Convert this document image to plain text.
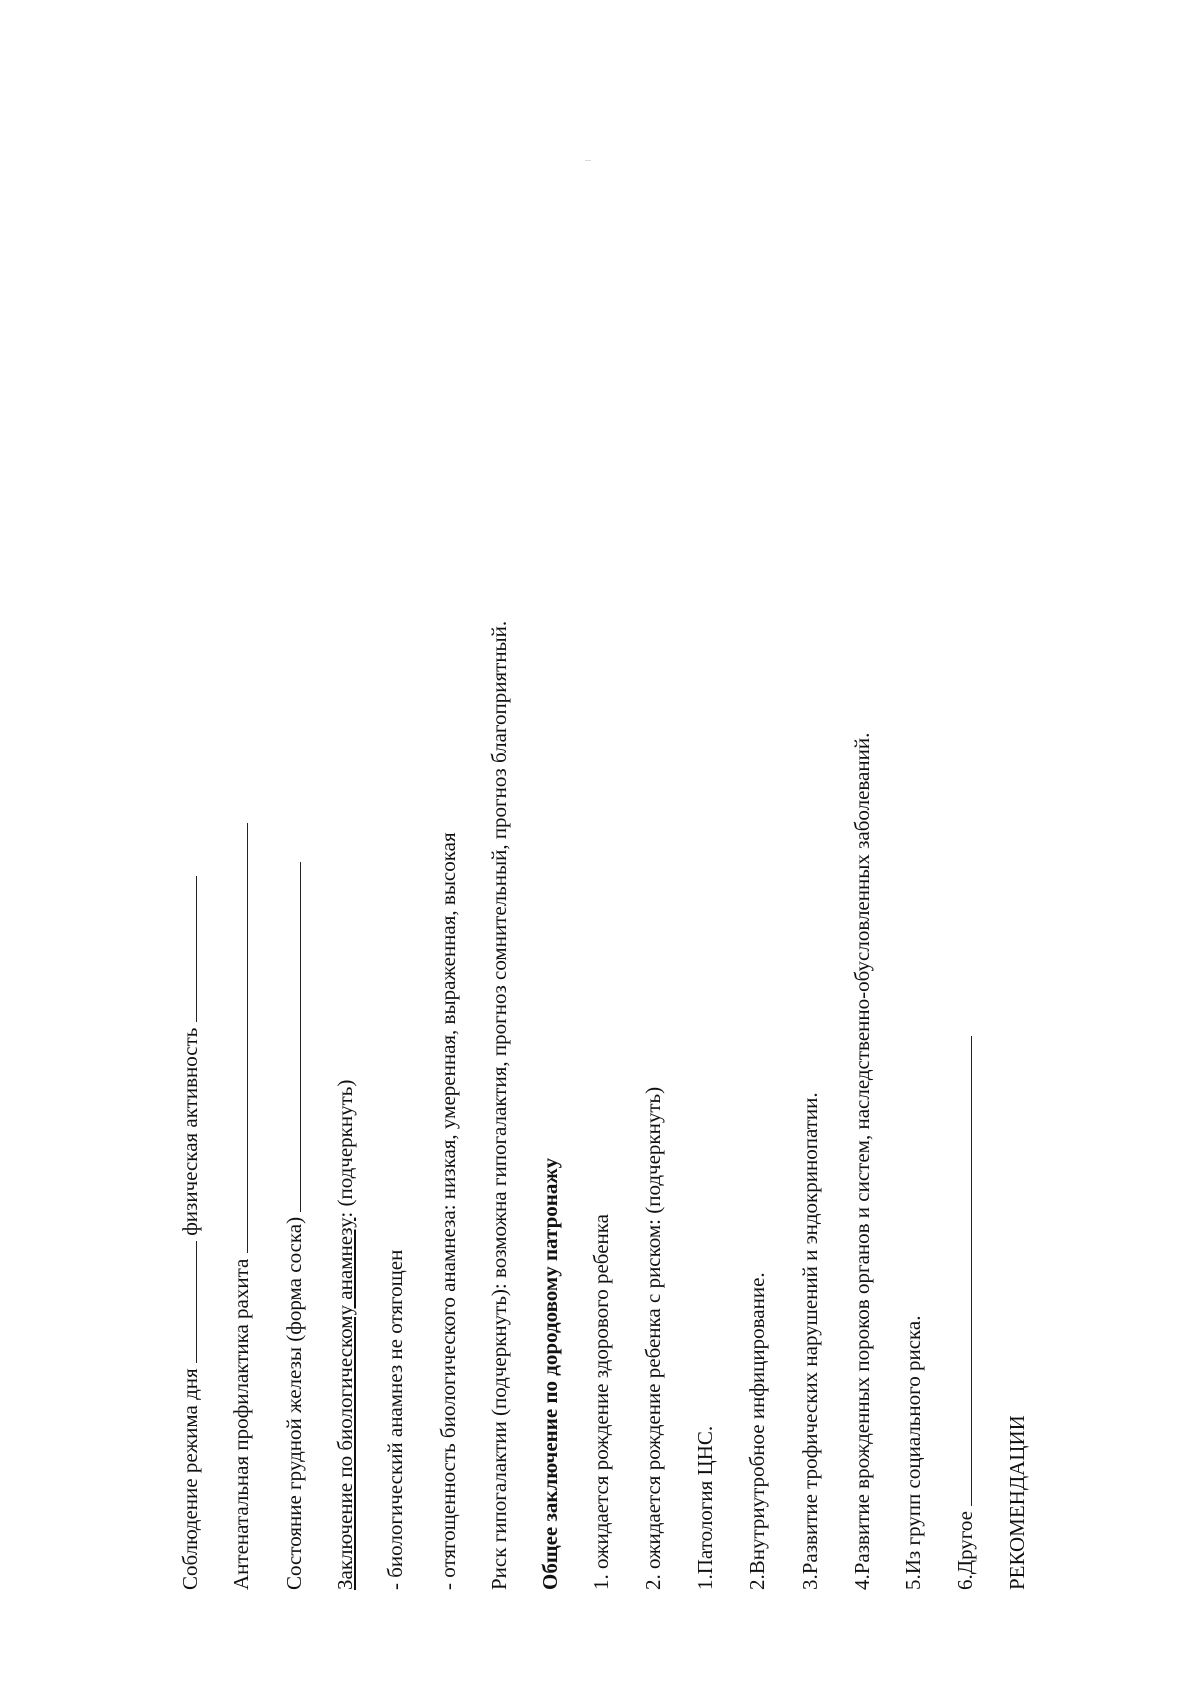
Соблюдение режима дня  физическая активность
Антенатальная профилактика рахита Состояние грудной железы (форма соска) Заключение по биологическому анамнезу: (подчеркнуть)
- биологический анамнез не отягощен - отягощенность биологического анамнеза: низкая, умеренная, выраженная, высокая Риск гипогалактии (подчеркнуть): возможна гипогалактия, прогноз сомнительный, прогноз благоприятный. Общее заключение по дородовому патронажу 1. ожидается рождение здорового ребенка 2. ожидается рождение ребенка с риском: (подчеркнуть) 1.Патология ЦНС. 2.Внутриутробное инфицирование. 3.Развитие трофических нарушений и эндокринопатии. 4.Развитие врожденных пороков органов и систем, наследственно-обусловленных заболеваний. 5.Из групп социального риска. 6.Другое РЕКОМЕНДАЦИИ
